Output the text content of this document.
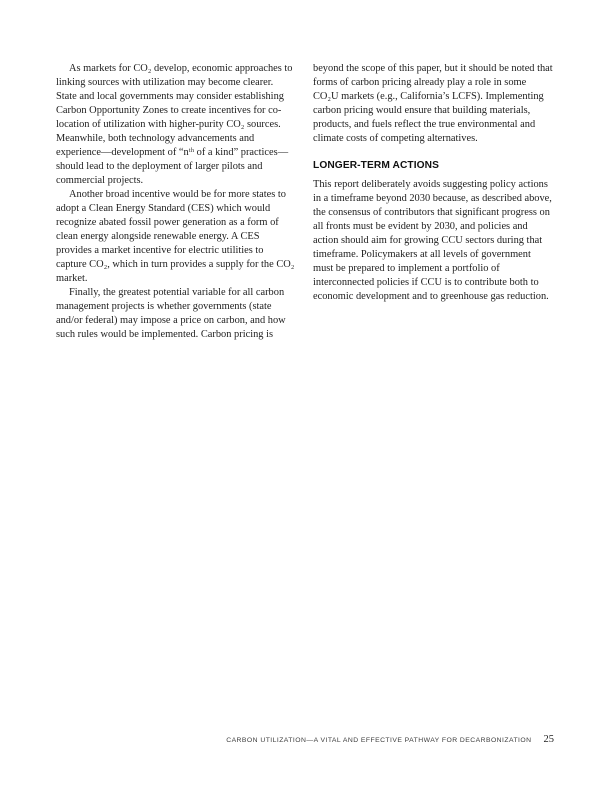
As markets for CO₂ develop, economic approaches to linking sources with utilization may become clearer. State and local governments may consider establishing Carbon Opportunity Zones to create incentives for co-location of utilization with higher-purity CO₂ sources. Meanwhile, both technology advancements and experience—development of “nᵗʰ of a kind” practices—should lead to the deployment of larger pilots and commercial projects.

Another broad incentive would be for more states to adopt a Clean Energy Standard (CES) which would recognize abated fossil power generation as a form of clean energy alongside renewable energy. A CES provides a market incentive for electric utilities to capture CO₂, which in turn provides a supply for the CO₂ market.

Finally, the greatest potential variable for all carbon management projects is whether governments (state and/or federal) may impose a price on carbon, and how such rules would be implemented. Carbon pricing is

beyond the scope of this paper, but it should be noted that forms of carbon pricing already play a role in some CO₂U markets (e.g., California’s LCFS). Implementing carbon pricing would ensure that building materials, products, and fuels reflect the true environmental and climate costs of competing alternatives.

LONGER-TERM ACTIONS

This report deliberately avoids suggesting policy actions in a timeframe beyond 2030 because, as described above, the consensus of contributors that significant progress on all fronts must be evident by 2030, and policies and action should aim for growing CCU sectors during that timeframe. Policymakers at all levels of government must be prepared to implement a portfolio of interconnected policies if CCU is to contribute both to economic development and to greenhouse gas reduction.

CARBON UTILIZATION—A VITAL AND EFFECTIVE PATHWAY FOR DECARBONIZATION 25
